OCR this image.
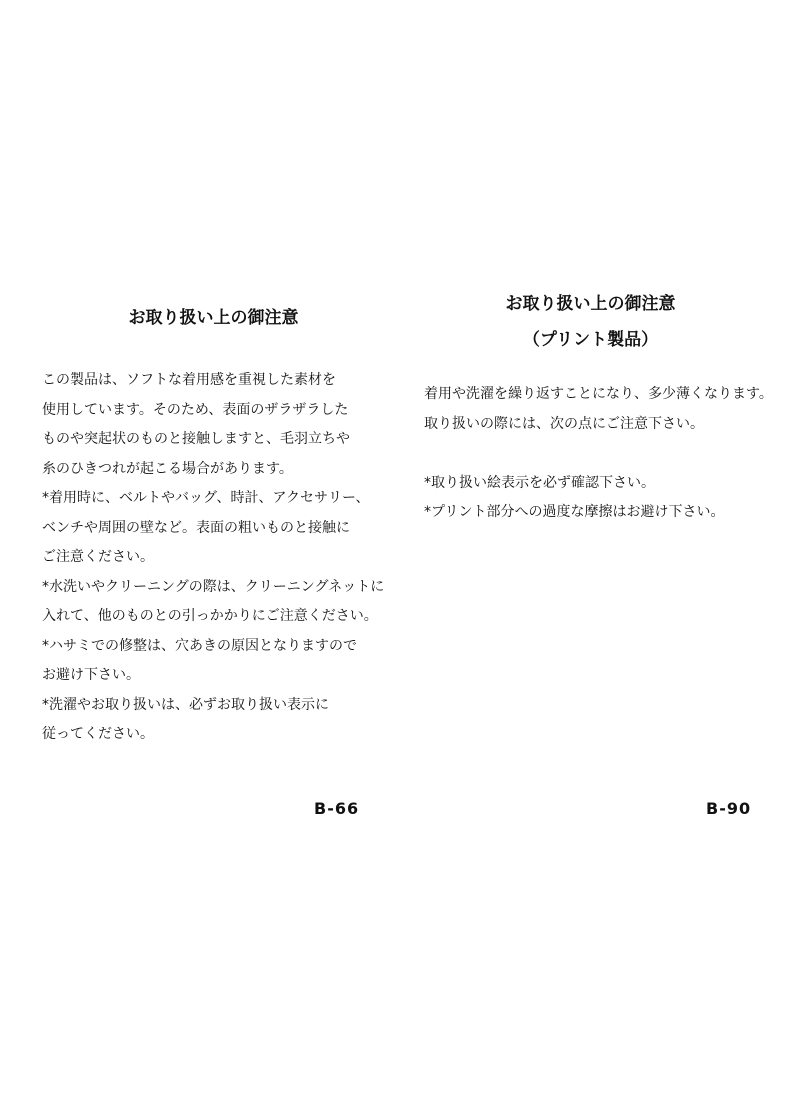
お取り扱い上の御注意
この製品は、ソフトな着用感を重視した素材を
使用しています。そのため、表面のザラザラした
ものや突起状のものと接触しますと、毛羽立ちや
糸のひきつれが起こる場合があります。
*着用時に、ベルトやバッグ、時計、アクセサリー、
ベンチや周囲の壁など。表面の粗いものと接触に
ご注意ください。
*水洗いやクリーニングの際は、クリーニングネットに
入れて、他のものとの引っかかりにご注意ください。
*ハサミでの修整は、穴あきの原因となりますので
お避け下さい。
*洗濯やお取り扱いは、必ずお取り扱い表示に
従ってください。
B-66
お取り扱い上の御注意
（プリント製品）
着用や洗濯を繰り返すことになり、多少薄くなります。
取り扱いの際には、次の点にご注意下さい。
*取り扱い絵表示を必ず確認下さい。
*プリント部分への過度な摩擦はお避け下さい。
B-90
